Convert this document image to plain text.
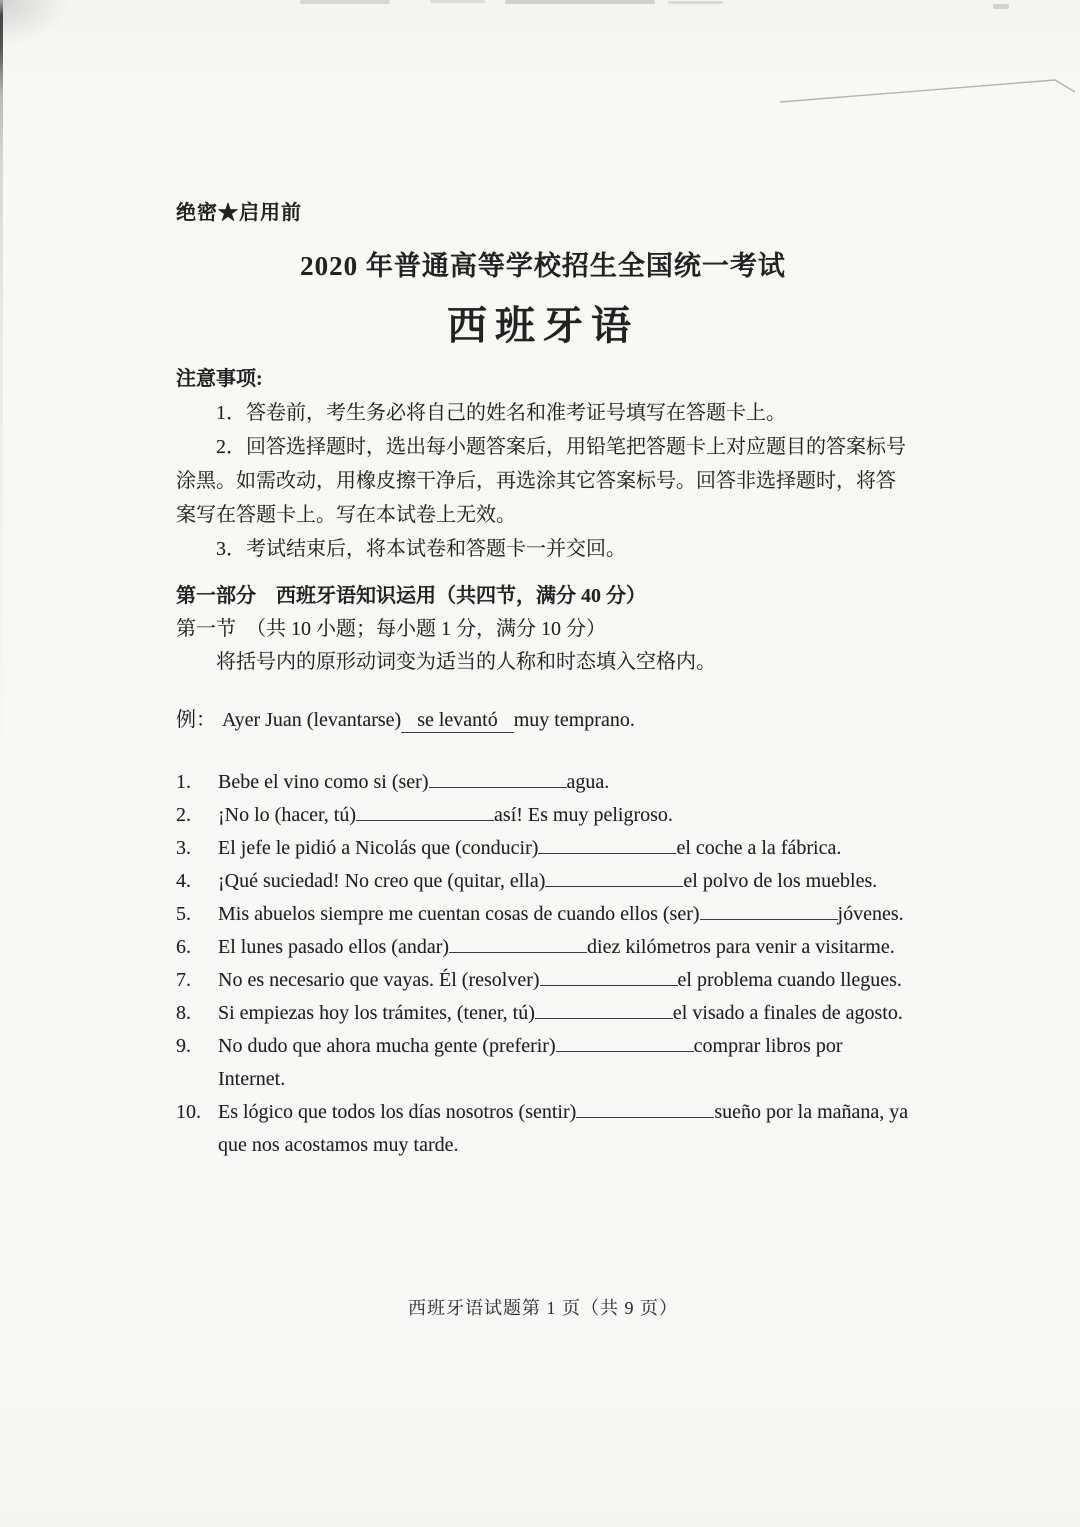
绝密★启用前
2020 年普通高等学校招生全国统一考试
西班牙语
注意事项:

1．答卷前，考生务必将自己的姓名和准考证号填写在答题卡上。

2．回答选择题时，选出每小题答案后，用铅笔把答题卡上对应题目的答案标号涂黑。如需改动，用橡皮擦干净后，再选涂其它答案标号。回答非选择题时，将答案写在答题卡上。写在本试卷上无效。

3．考试结束后，将本试卷和答题卡一并交回。

第一部分　西班牙语知识运用（共四节，满分 40 分）
第一节　（共 10 小题；每小题 1 分，满分 10 分）
将括号内的原形动词变为适当的人称和时态填入空格内。
例： Ayer Juan (levantarse) se levantó muy temprano.
1.	Bebe el vino como si (ser)	agua.
2.	¡No lo (hacer, tú)	así! Es muy peligroso.
3.	El jefe le pidió a Nicolás que (conducir)	el coche a la fábrica.
4.	¡Qué suciedad! No creo que (quitar, ella)	el polvo de los muebles.
5.	Mis abuelos siempre me cuentan cosas de cuando ellos (ser)	jóvenes.
6.	El lunes pasado ellos (andar)	diez kilómetros para venir a visitarme.
7.	No es necesario que vayas. Él (resolver)	el problema cuando llegues.
8.	Si empiezas hoy los trámites, (tener, tú)	el visado a finales de agosto.
9.	No dudo que ahora mucha gente (preferir)	comprar libros por Internet.
10. Es lógico que todos los días nosotros (sentir)	sueño por la mañana, ya que nos acostamos muy tarde.
西班牙语试题第 1 页（共 9 页）
